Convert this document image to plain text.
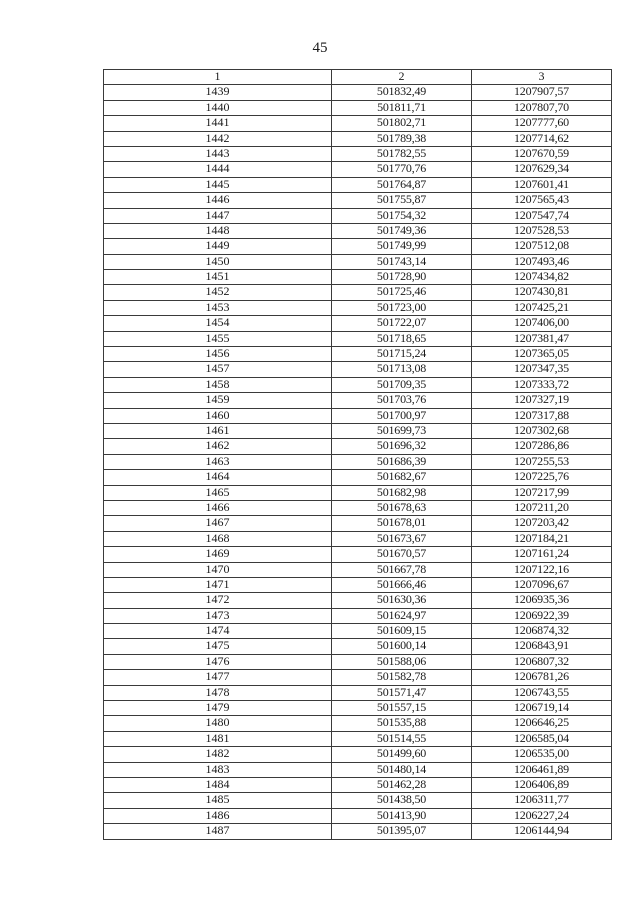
45
1	2	3
1439	501832,49	1207907,57
1440	501811,71	1207807,70
1441	501802,71	1207777,60
1442	501789,38	1207714,62
1443	501782,55	1207670,59
1444	501770,76	1207629,34
1445	501764,87	1207601,41
1446	501755,87	1207565,43
1447	501754,32	1207547,74
1448	501749,36	1207528,53
1449	501749,99	1207512,08
1450	501743,14	1207493,46
1451	501728,90	1207434,82
1452	501725,46	1207430,81
1453	501723,00	1207425,21
1454	501722,07	1207406,00
1455	501718,65	1207381,47
1456	501715,24	1207365,05
1457	501713,08	1207347,35
1458	501709,35	1207333,72
1459	501703,76	1207327,19
1460	501700,97	1207317,88
1461	501699,73	1207302,68
1462	501696,32	1207286,86
1463	501686,39	1207255,53
1464	501682,67	1207225,76
1465	501682,98	1207217,99
1466	501678,63	1207211,20
1467	501678,01	1207203,42
1468	501673,67	1207184,21
1469	501670,57	1207161,24
1470	501667,78	1207122,16
1471	501666,46	1207096,67
1472	501630,36	1206935,36
1473	501624,97	1206922,39
1474	501609,15	1206874,32
1475	501600,14	1206843,91
1476	501588,06	1206807,32
1477	501582,78	1206781,26
1478	501571,47	1206743,55
1479	501557,15	1206719,14
1480	501535,88	1206646,25
1481	501514,55	1206585,04
1482	501499,60	1206535,00
1483	501480,14	1206461,89
1484	501462,28	1206406,89
1485	501438,50	1206311,77
1486	501413,90	1206227,24
1487	501395,07	1206144,94
